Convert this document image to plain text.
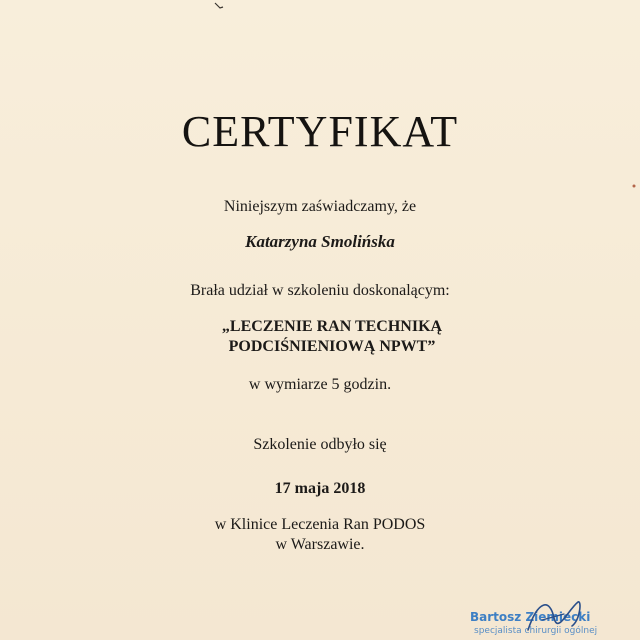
CERTYFIKAT
Niniejszym zaświadczamy, że
Katarzyna Smolińska
Brała udział w szkoleniu doskonalącym:
„LECZENIE RAN TECHNIKĄ
PODCIŚNIENIOWĄ NPWT”
w wymiarze 5 godzin.
Szkolenie odbyło się
17 maja 2018
w Klinice Leczenia Ran PODOS
w Warszawie.
Bartosz Ziemiecki
specjalista chirurgii ogólnej
